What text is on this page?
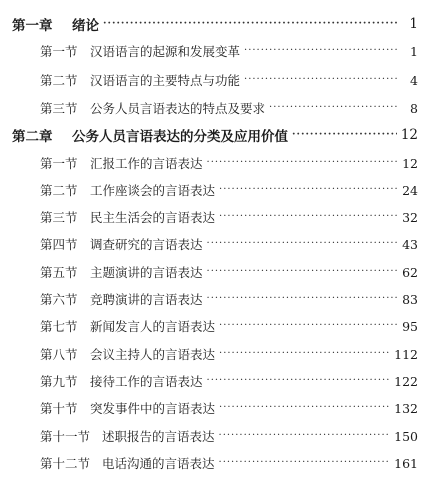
第一章	绪论 ·····	1
第一节 汉语语言的起源和发展变革 ·····	1
第二节 汉语语言的主要特点与功能 ·····	4
第三节 公务人员言语表达的特点及要求 ·····	8
第二章	公务人员言语表达的分类及应用价值 ·····	12
第一节 汇报工作的言语表达 ·····	12
第二节 工作座谈会的言语表达 ·····	24
第三节 民主生活会的言语表达 ·····	32
第四节 调查研究的言语表达 ·····	43
第五节 主题演讲的言语表达 ·····	62
第六节 竞聘演讲的言语表达 ·····	83
第七节 新闻发言人的言语表达 ·····	95
第八节 会议主持人的言语表达 ·····	112
第九节 接待工作的言语表达 ·····	122
第十节 突发事件中的言语表达 ·····	132
第十一节 述职报告的言语表达 ·····	150
第十二节 电话沟通的言语表达 ·····	161
